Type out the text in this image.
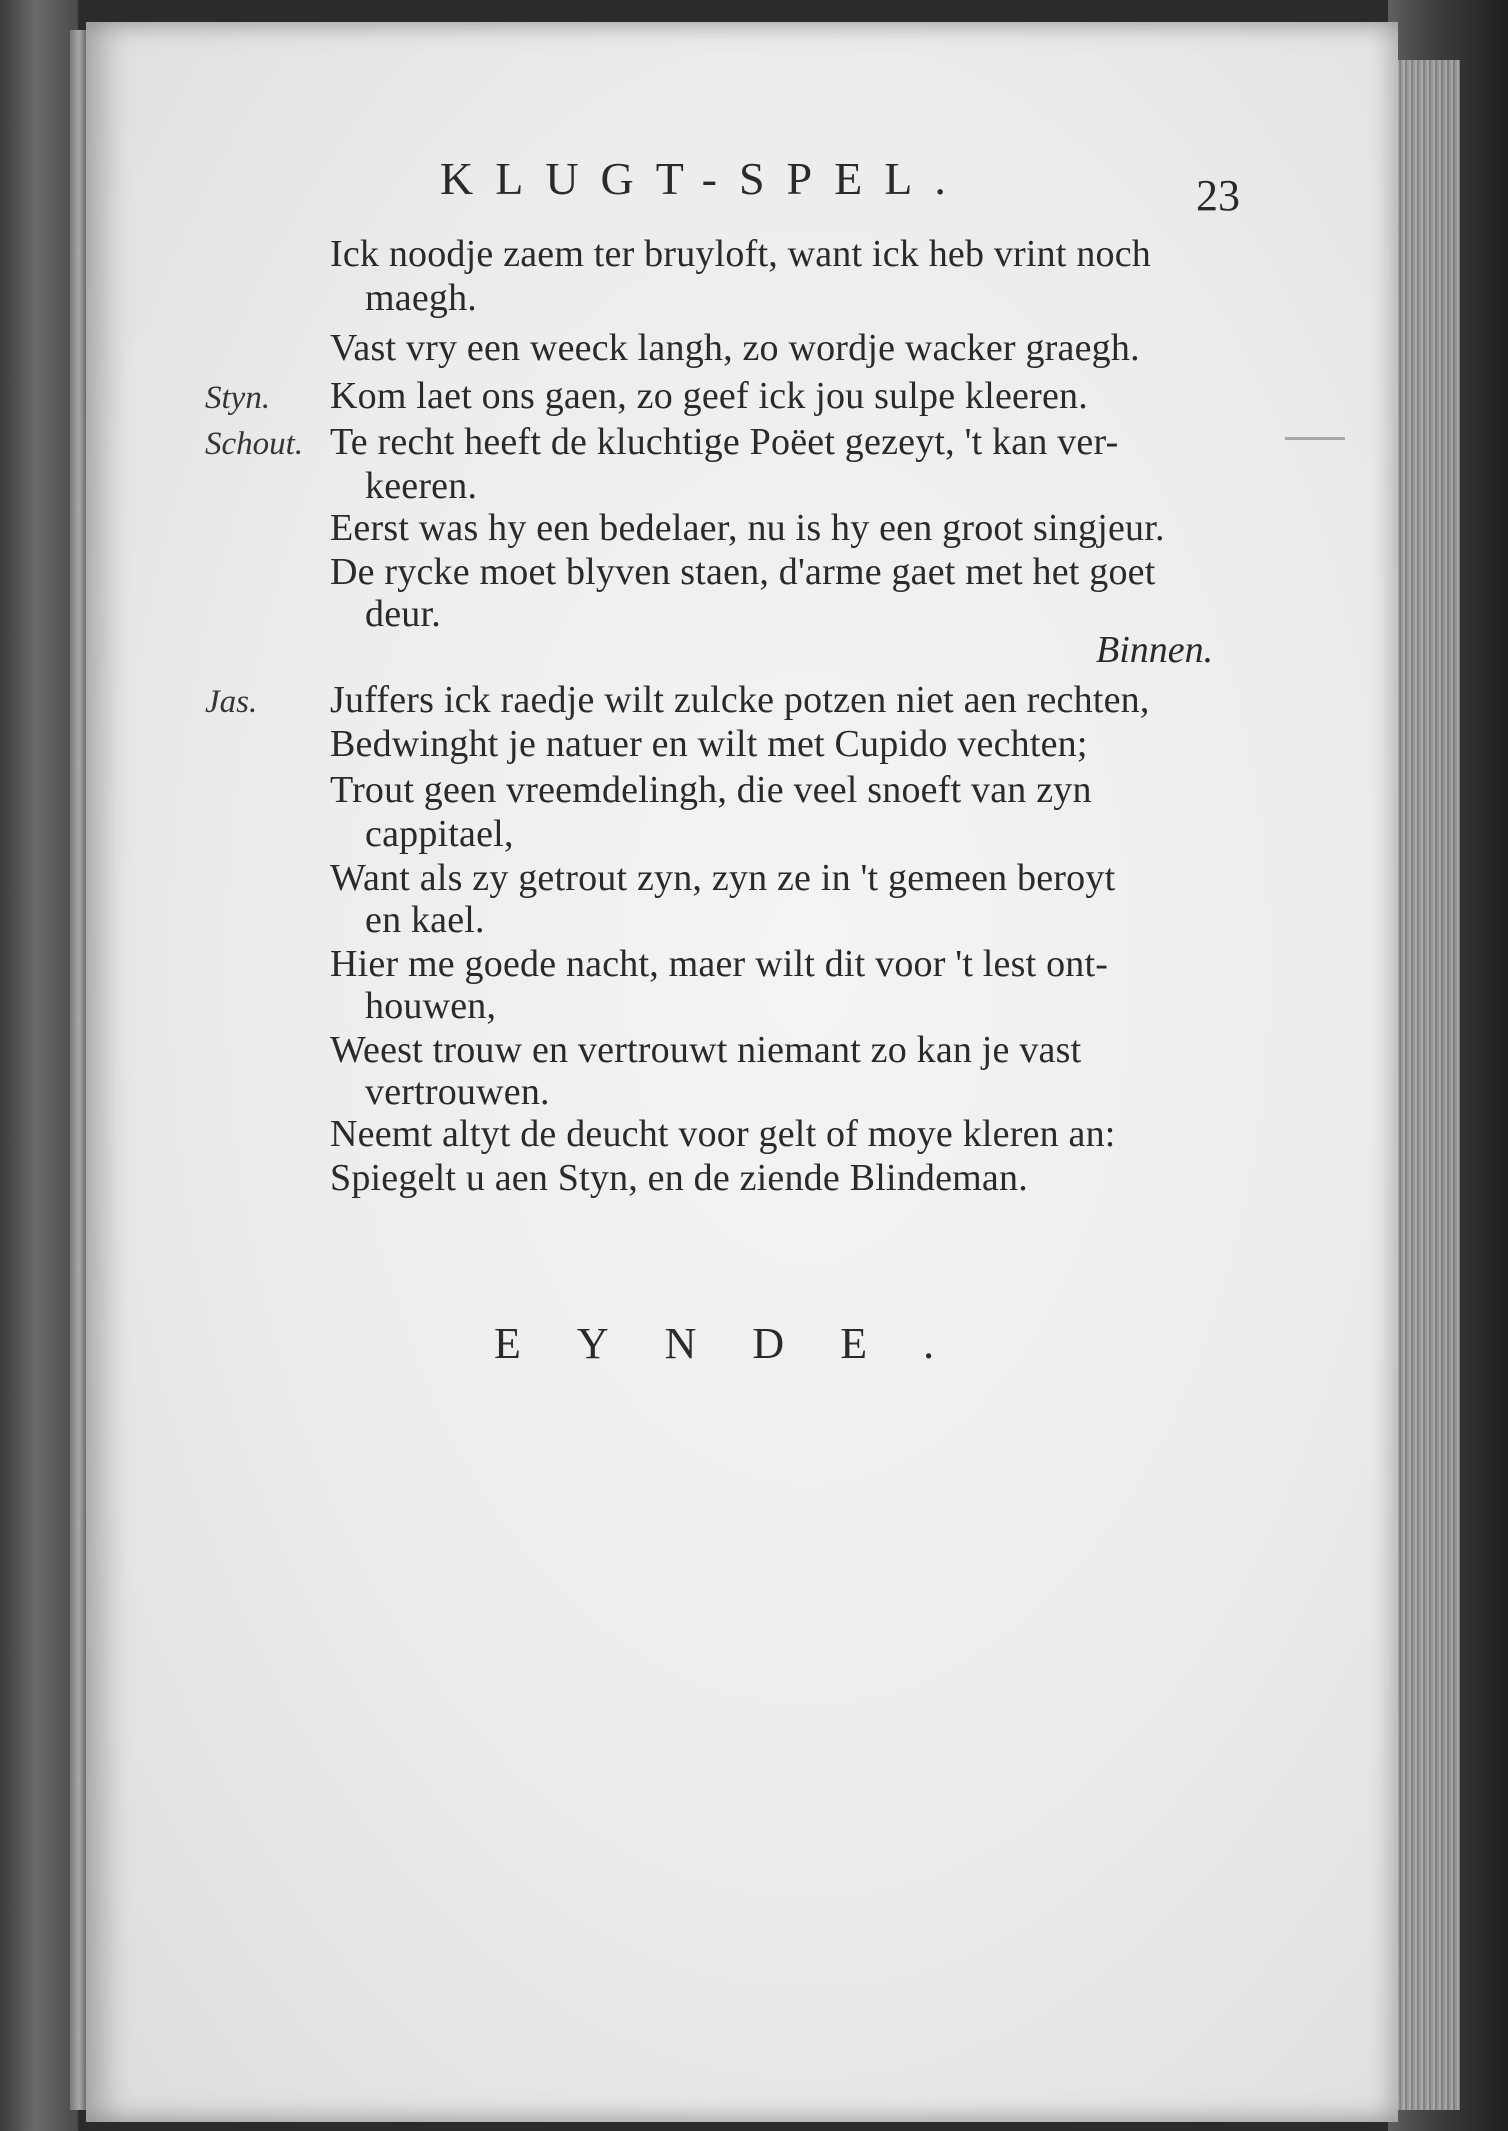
KLUGT-SPEL.	23
Ick noodje zaem ter bruyloft, want ick heb vrint noch
maegh.
Vast vry een weeck langh, zo wordje wacker graegh.
Styn. Kom laet ons gaen, zo geef ick jou sulpe kleeren.
Schout. Te recht heeft de kluchtige Poëet gezeyt, 't kan ver-
keeren.
Eerst was hy een bedelaer, nu is hy een groot singjeur.
De rycke moet blyven staen, d'arme gaet met het goet
deur.
Binnen.
Jas. Juffers ick raedje wilt zulcke potzen niet aen rechten,
Bedwinght je natuer en wilt met Cupido vechten;
Trout geen vreemdelingh, die veel snoeft van zyn
cappitael,
Want als zy getrout zyn, zyn ze in 't gemeen beroyt
en kael.
Hier me goede nacht, maer wilt dit voor 't lest ont-
houwen,
Weest trouw en vertrouwt niemant zo kan je vast
vertrouwen.
Neemt altyt de deucht voor gelt of moye kleren an:
Spiegelt u aen Styn, en de ziende Blindeman.
EYNDE.
